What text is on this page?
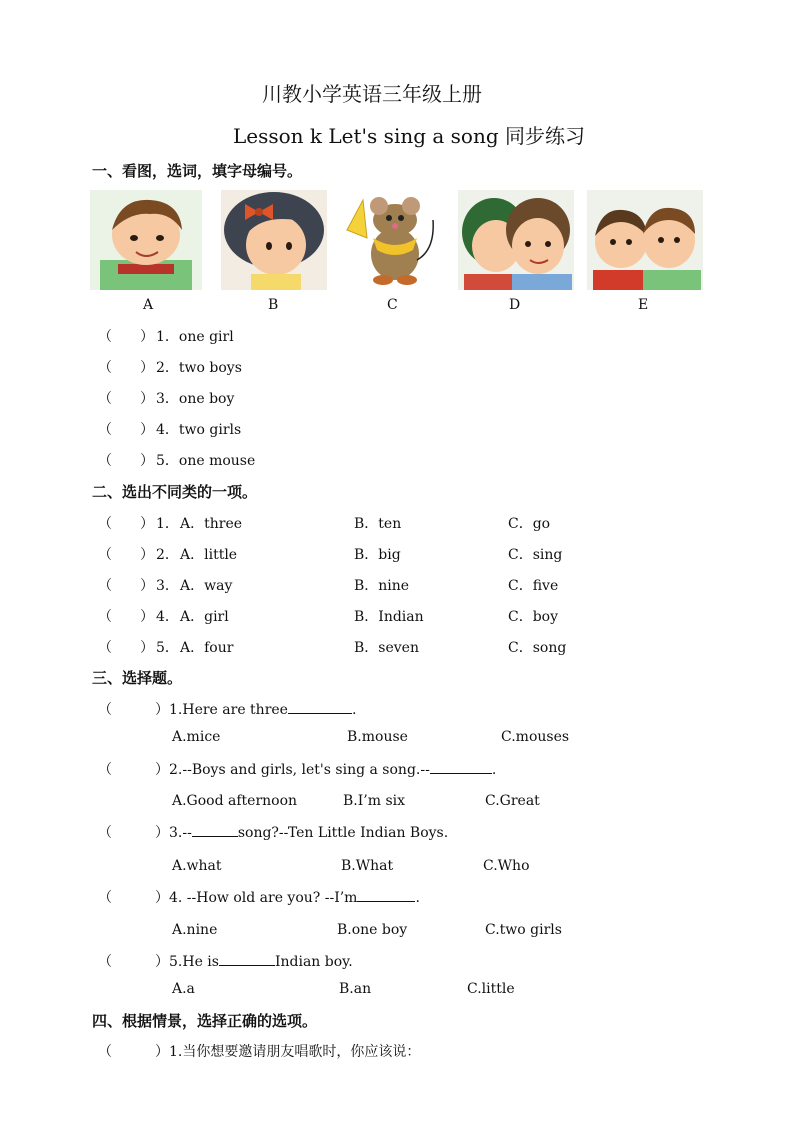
川教小学英语三年级上册
Lesson k Let's sing a song 同步练习
一、看图，选词，填字母编号。
A	B	C	D	E
（ ） 1．one girl
（ ） 2．two boys
（ ） 3．one boy
（ ） 4．two girls
（ ） 5．one mouse
二、选出不同类的一项。
（ ） 1． A．three	B．ten	C．go
（ ） 2． A．little	B．big	C．sing
（ ） 3． A．way	B．nine	C．five
（ ） 4． A．girl	B．Indian	C．boy
（ ） 5． A．four	B．seven	C．song
三、选择题。
（	）1.Here are three	.
A.mice	B.mouse	C.mouses
（	）2.--Boys and girls, let's sing a song.--	.
A.Good afternoon	B.I’m six	C.Great
（	）3.--	song?--Ten Little Indian Boys.
A.what	B.What	C.Who
（	）4. --How old are you? --I’m	.
A.nine	B.one boy	C.two girls
（	）5.He is	Indian boy.
A.a	B.an	C.little
四、根据情景，选择正确的选项。
（	）1.当你想要邀请朋友唱歌时，你应该说：
